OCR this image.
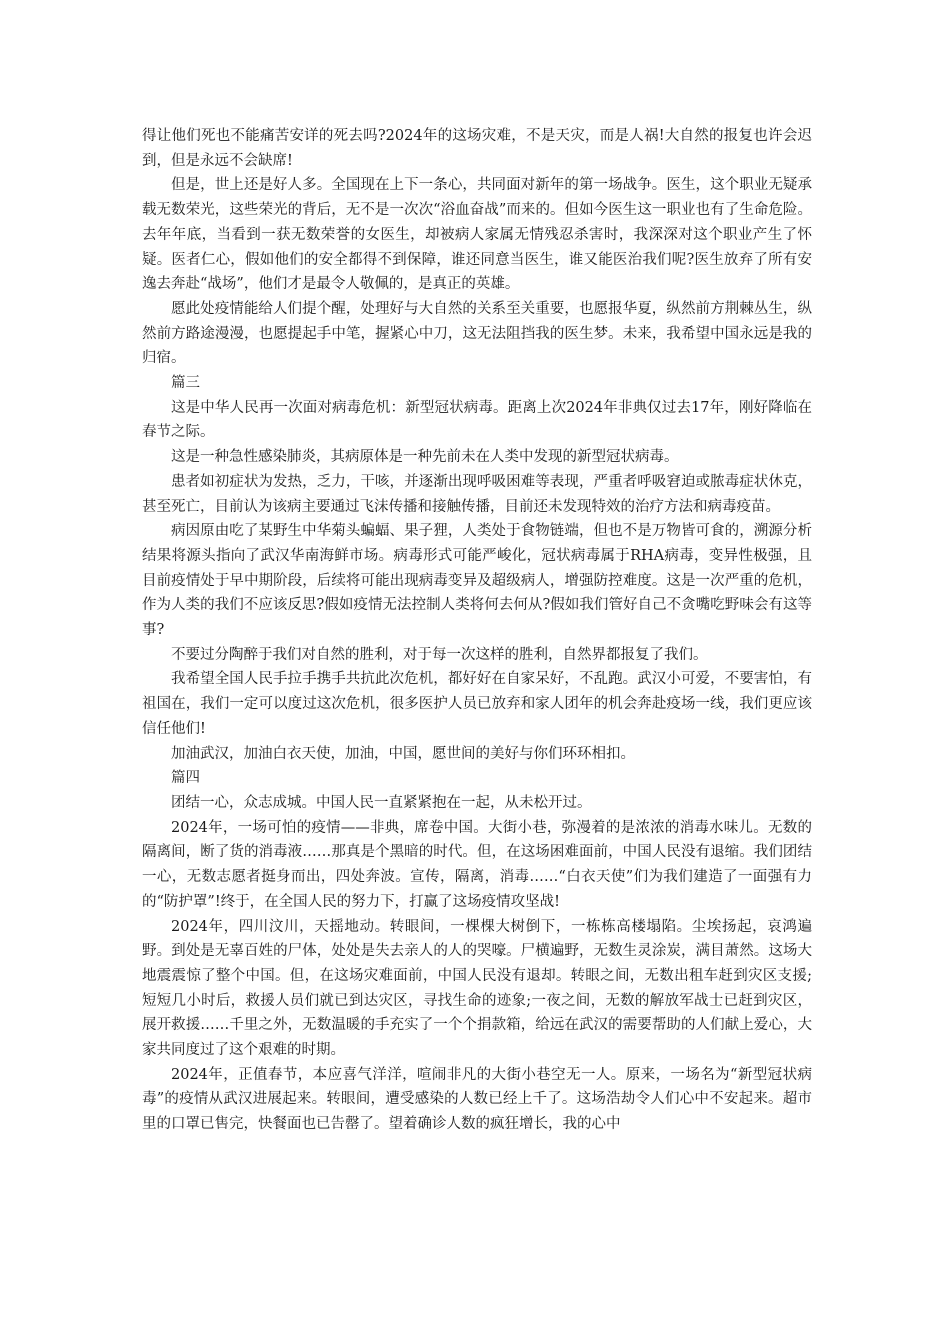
得让他们死也不能痛苦安详的死去吗?2024年的这场灾难，不是天灾，而是人祸!大自然的报复也许会迟到，但是永远不会缺席!

但是，世上还是好人多。全国现在上下一条心，共同面对新年的第一场战争。医生，这个职业无疑承载无数荣光，这些荣光的背后，无不是一次次“浴血奋战”而来的。但如今医生这一职业也有了生命危险。去年年底，当看到一获无数荣誉的女医生，却被病人家属无情残忍杀害时，我深深对这个职业产生了怀疑。医者仁心，假如他们的安全都得不到保障，谁还同意当医生，谁又能医治我们呢?医生放弃了所有安逸去奔赴“战场”，他们才是最令人敬佩的，是真正的英雄。

愿此处疫情能给人们提个醒，处理好与大自然的关系至关重要，也愿报华夏，纵然前方荆棘丛生，纵然前方路途漫漫，也愿提起手中笔，握紧心中刀，这无法阻挡我的医生梦。未来，我希望中国永远是我的归宿。

篇三

这是中华人民再一次面对病毒危机：新型冠状病毒。距离上次2024年非典仅过去17年，刚好降临在春节之际。

这是一种急性感染肺炎，其病原体是一种先前未在人类中发现的新型冠状病毒。

患者如初症状为发热，乏力，干咳，并逐渐出现呼吸困难等表现，严重者呼吸窘迫或脓毒症状休克，甚至死亡，目前认为该病主要通过飞沫传播和接触传播，目前还未发现特效的治疗方法和病毒疫苗。

病因原由吃了某野生中华菊头蝙蝠、果子狸，人类处于食物链端，但也不是万物皆可食的，溯源分析结果将源头指向了武汉华南海鲜市场。病毒形式可能严峻化，冠状病毒属于RHA病毒，变异性极强，且目前疫情处于早中期阶段，后续将可能出现病毒变异及超级病人，增强防控难度。这是一次严重的危机，作为人类的我们不应该反思?假如疫情无法控制人类将何去何从?假如我们管好自己不贪嘴吃野味会有这等事?

不要过分陶醉于我们对自然的胜利，对于每一次这样的胜利，自然界都报复了我们。

我希望全国人民手拉手携手共抗此次危机，都好好在自家呆好，不乱跑。武汉小可爱，不要害怕，有祖国在，我们一定可以度过这次危机，很多医护人员已放弃和家人团年的机会奔赴疫场一线，我们更应该信任他们!

加油武汉，加油白衣天使，加油，中国，愿世间的美好与你们环环相扣。

篇四

团结一心，众志成城。中国人民一直紧紧抱在一起，从未松开过。

2024年，一场可怕的疫情——非典，席卷中国。大街小巷，弥漫着的是浓浓的消毒水味儿。无数的隔离间，断了货的消毒液……那真是个黑暗的时代。但，在这场困难面前，中国人民没有退缩。我们团结一心，无数志愿者挺身而出，四处奔波。宣传，隔离，消毒……“白衣天使”们为我们建造了一面强有力的“防护罩”!终于，在全国人民的努力下，打赢了这场疫情攻坚战!

2024年，四川汶川，天摇地动。转眼间，一棵棵大树倒下，一栋栋高楼塌陷。尘埃扬起，哀鸿遍野。到处是无辜百姓的尸体，处处是失去亲人的人的哭嚎。尸横遍野，无数生灵涂炭，满目萧然。这场大地震震惊了整个中国。但，在这场灾难面前，中国人民没有退却。转眼之间，无数出租车赶到灾区支援;短短几小时后，救援人员们就已到达灾区，寻找生命的迹象;一夜之间，无数的解放军战士已赶到灾区，展开救援……千里之外，无数温暖的手充实了一个个捐款箱，给远在武汉的需要帮助的人们献上爱心，大家共同度过了这个艰难的时期。

2024年，正值春节，本应喜气洋洋，喧闹非凡的大街小巷空无一人。原来，一场名为“新型冠状病毒”的疫情从武汉进展起来。转眼间，遭受感染的人数已经上千了。这场浩劫令人们心中不安起来。超市里的口罩已售完，快餐面也已告罄了。望着确诊人数的疯狂增长，我的心中
